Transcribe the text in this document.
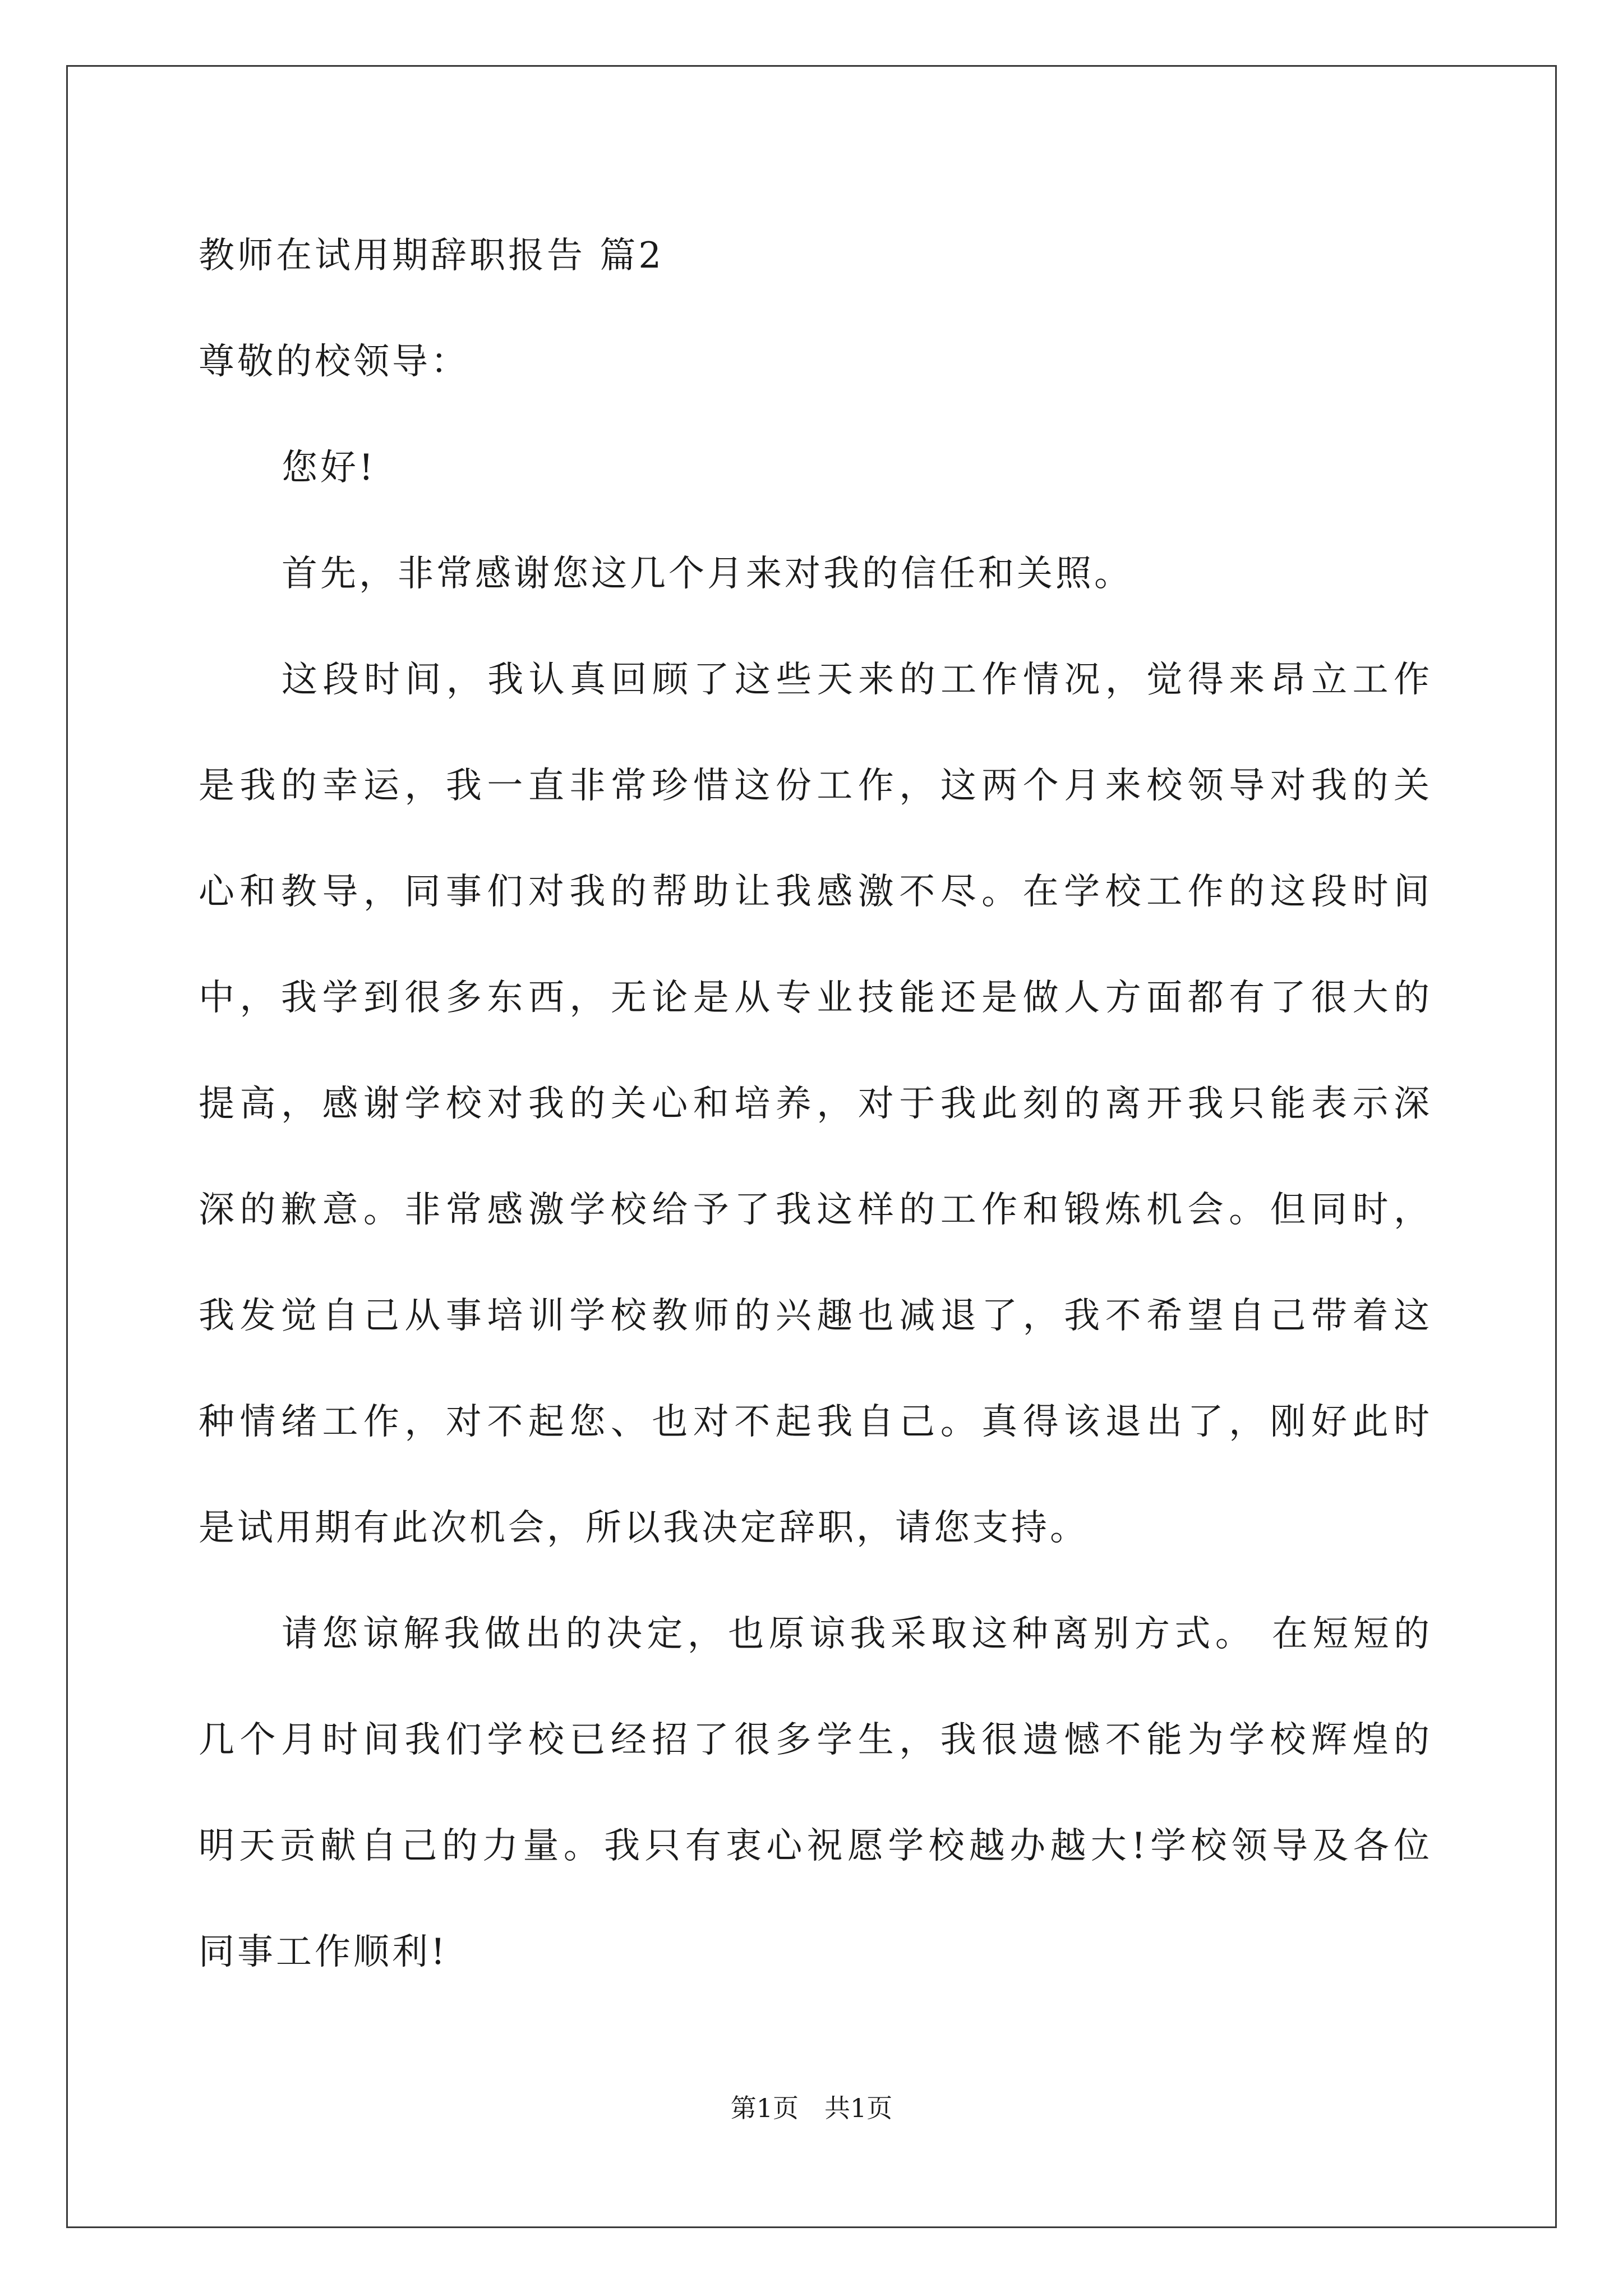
教师在试用期辞职报告 篇2
尊敬的校领导：
您好!
首先，非常感谢您这几个月来对我的信任和关照。
这段时间，我认真回顾了这些天来的工作情况，觉得来昂立工作
是我的幸运，我一直非常珍惜这份工作，这两个月来校领导对我的关
心和教导，同事们对我的帮助让我感激不尽。在学校工作的这段时间
中，我学到很多东西，无论是从专业技能还是做人方面都有了很大的
提高，感谢学校对我的关心和培养，对于我此刻的离开我只能表示深
深的歉意。非常感激学校给予了我这样的工作和锻炼机会。但同时，
我发觉自己从事培训学校教师的兴趣也减退了，我不希望自己带着这
种情绪工作，对不起您、也对不起我自己。真得该退出了，刚好此时
是试用期有此次机会，所以我决定辞职，请您支持。
请您谅解我做出的决定，也原谅我采取这种离别方式。 在短短的
几个月时间我们学校已经招了很多学生，我很遗憾不能为学校辉煌的
明天贡献自己的力量。我只有衷心祝愿学校越办越大!学校领导及各位
同事工作顺利!
第1页 共1页
